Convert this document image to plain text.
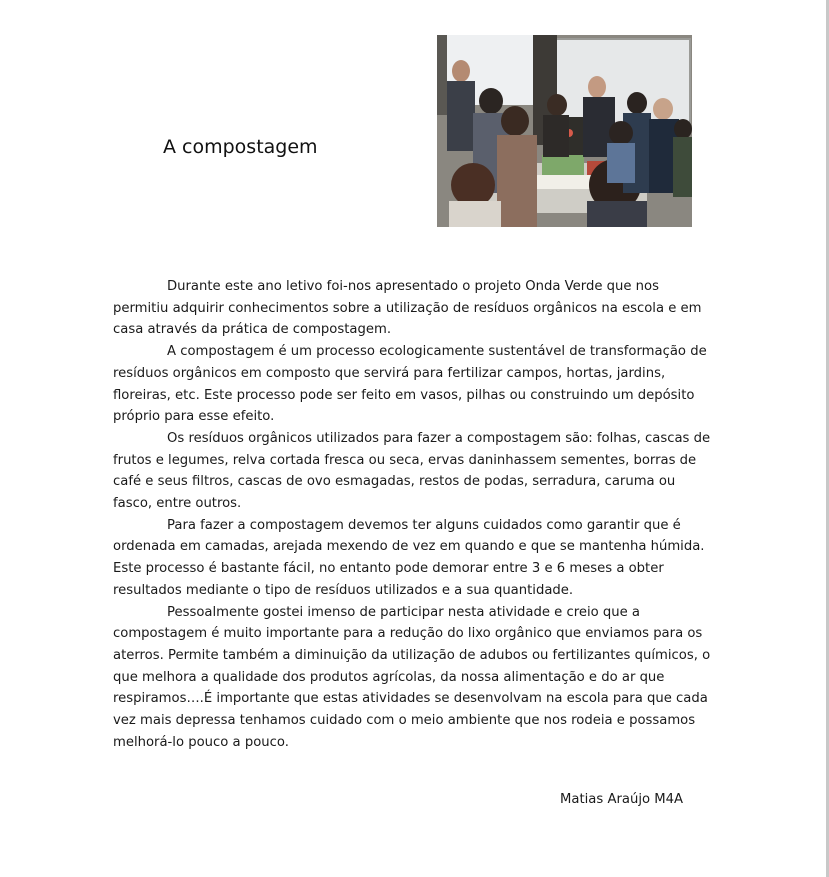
A compostagem

Durante este ano letivo foi-nos apresentado o projeto Onda Verde que nos permitiu adquirir conhecimentos sobre a utilização de resíduos orgânicos na escola e em casa através da prática de compostagem.

A compostagem é um processo ecologicamente sustentável de transformação de resíduos orgânicos em composto que servirá para fertilizar campos, hortas, jardins, floreiras, etc. Este processo pode ser feito em vasos, pilhas ou construindo um depósito próprio para esse efeito.

Os resíduos orgânicos utilizados para fazer a compostagem são: folhas, cascas de frutos e legumes, relva cortada fresca ou seca, ervas daninhassem sementes, borras de café e seus filtros, cascas de ovo esmagadas, restos de podas, serradura, caruma ou fasco, entre outros.

Para fazer a compostagem devemos ter alguns cuidados como garantir que é ordenada em camadas, arejada mexendo de vez em quando e que se mantenha húmida. Este processo é bastante fácil, no entanto pode demorar entre 3 e 6 meses a obter resultados mediante o tipo de resíduos utilizados e a sua quantidade.

Pessoalmente gostei imenso de participar nesta atividade e creio que a compostagem é muito importante para a redução do lixo orgânico que enviamos para os aterros. Permite também a diminuição da utilização de adubos ou fertilizantes químicos, o que melhora a qualidade dos produtos agrícolas, da nossa alimentação e do ar que respiramos….É importante que estas atividades se desenvolvam na escola para que cada vez mais depressa tenhamos cuidado com o meio ambiente que nos rodeia e possamos melhorá-lo pouco a pouco.

Matias Araújo M4A
